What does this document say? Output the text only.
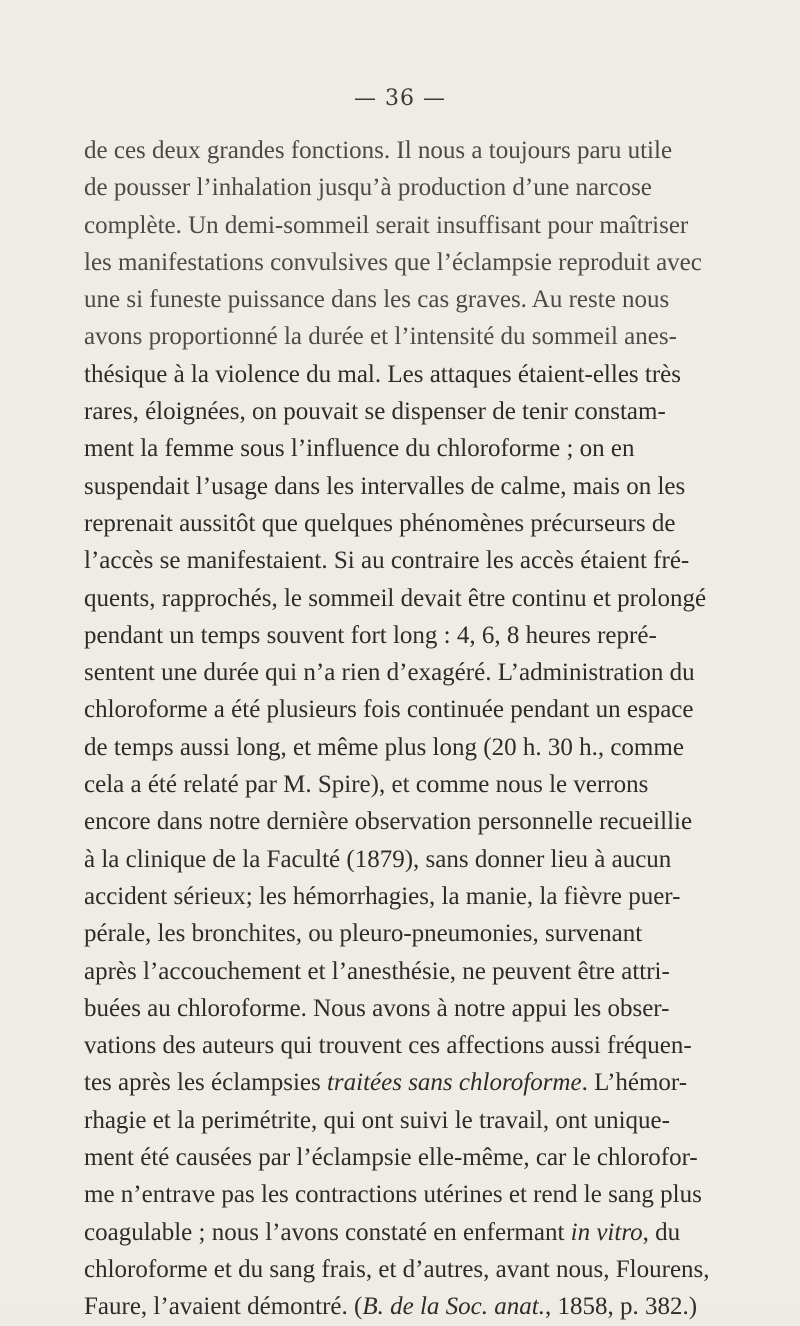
— 36 —
de ces deux grandes fonctions. Il nous a toujours paru utile
de pousser l’inhalation jusqu’à production d’une narcose
complète. Un demi-sommeil serait insuffisant pour maîtriser
les manifestations convulsives que l’éclampsie reproduit avec
une si funeste puissance dans les cas graves. Au reste nous
avons proportionné la durée et l’intensité du sommeil anes-
thésique à la violence du mal. Les attaques étaient-elles très
rares, éloignées, on pouvait se dispenser de tenir constam-
ment la femme sous l’influence du chloroforme ; on en
suspendait l’usage dans les intervalles de calme, mais on les
reprenait aussitôt que quelques phénomènes précurseurs de
l’accès se manifestaient. Si au contraire les accès étaient fré-
quents, rapprochés, le sommeil devait être continu et prolongé
pendant un temps souvent fort long : 4, 6, 8 heures repré-
sentent une durée qui n’a rien d’exagéré. L’administration du
chloroforme a été plusieurs fois continuée pendant un espace
de temps aussi long, et même plus long (20 h. 30 h., comme
cela a été relaté par M. Spire), et comme nous le verrons
encore dans notre dernière observation personnelle recueillie
à la clinique de la Faculté (1879), sans donner lieu à aucun
accident sérieux; les hémorrhagies, la manie, la fièvre puer-
pérale, les bronchites, ou pleuro-pneumonies, survenant
après l’accouchement et l’anesthésie, ne peuvent être attri-
buées au chloroforme. Nous avons à notre appui les obser-
vations des auteurs qui trouvent ces affections aussi fréquen-
tes après les éclampsies traitées sans chloroforme. L’hémor-
rhagie et la perimétrite, qui ont suivi le travail, ont unique-
ment été causées par l’éclampsie elle-même, car le chlorofor-
me n’entrave pas les contractions utérines et rend le sang plus
coagulable ; nous l’avons constaté en enfermant in vitro, du
chloroforme et du sang frais, et d’autres, avant nous, Flourens,
Faure, l’avaient démontré. (B. de la Soc. anat., 1858, p. 382.)
